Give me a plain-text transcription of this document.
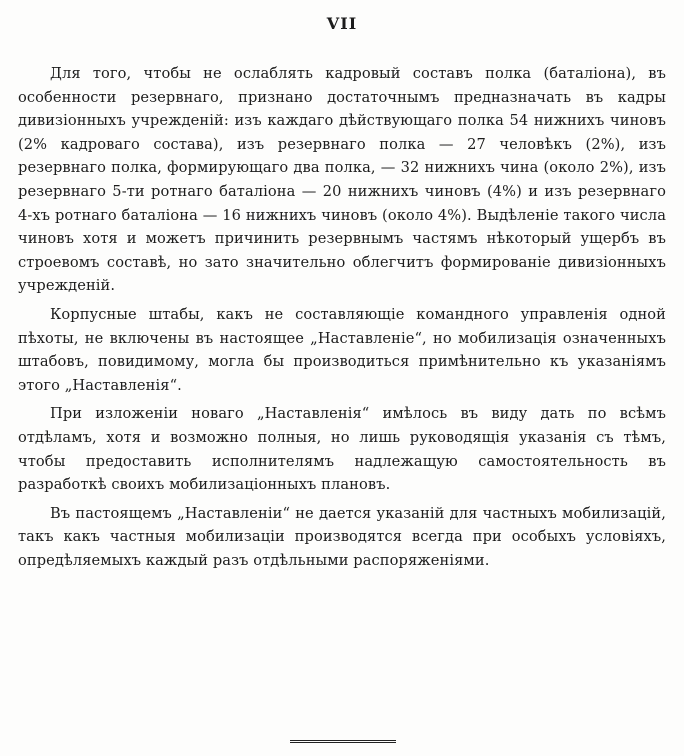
VII

Для того, чтобы не ослаблять кадровый составъ полка (баталіона), въ особенности резервнаго, признано достаточнымъ предназначать въ кадры дивизіонныхъ учрежденій: изъ каждаго дѣйствующаго полка 54 нижнихъ чиновъ (2% кадроваго состава), изъ резервнаго полка — 27 человѣкъ (2%), изъ резервнаго полка, формирующаго два полка, — 32 нижнихъ чина (около 2%), изъ резервнаго 5-ти ротнаго баталіона — 20 нижнихъ чиновъ (4%) и изъ резервнаго 4-хъ ротнаго баталіона — 16 нижнихъ чиновъ (около 4%). Выдѣленіе такого числа чиновъ хотя и можетъ причинить резервнымъ частямъ нѣкоторый ущербъ въ строевомъ составѣ, но зато значительно облегчитъ формированіе дивизіонныхъ учрежденій.

Корпусные штабы, какъ не составляющіе командного управленія одной пѣхоты, не включены въ настоящее „Наставленіе“, но мобилизація означенныхъ штабовъ, повидимому, могла бы производиться примѣнительно къ указаніямъ этого „Наставленія“.

При изложеніи новаго „Наставленія“ имѣлось въ виду дать по всѣмъ отдѣламъ, хотя и возможно полныя, но лишь руководящія указанія съ тѣмъ, чтобы предоставить исполнителямъ надлежащую самостоятельность въ разработкѣ своихъ мобилизаціонныхъ плановъ.

Въ пастоящемъ „Наставленіи“ не дается указаній для частныхъ мобилизацій, такъ какъ частныя мобилизаціи производятся всегда при особыхъ условіяхъ, опредѣляемыхъ каждый разъ отдѣльными распоряженіями.
